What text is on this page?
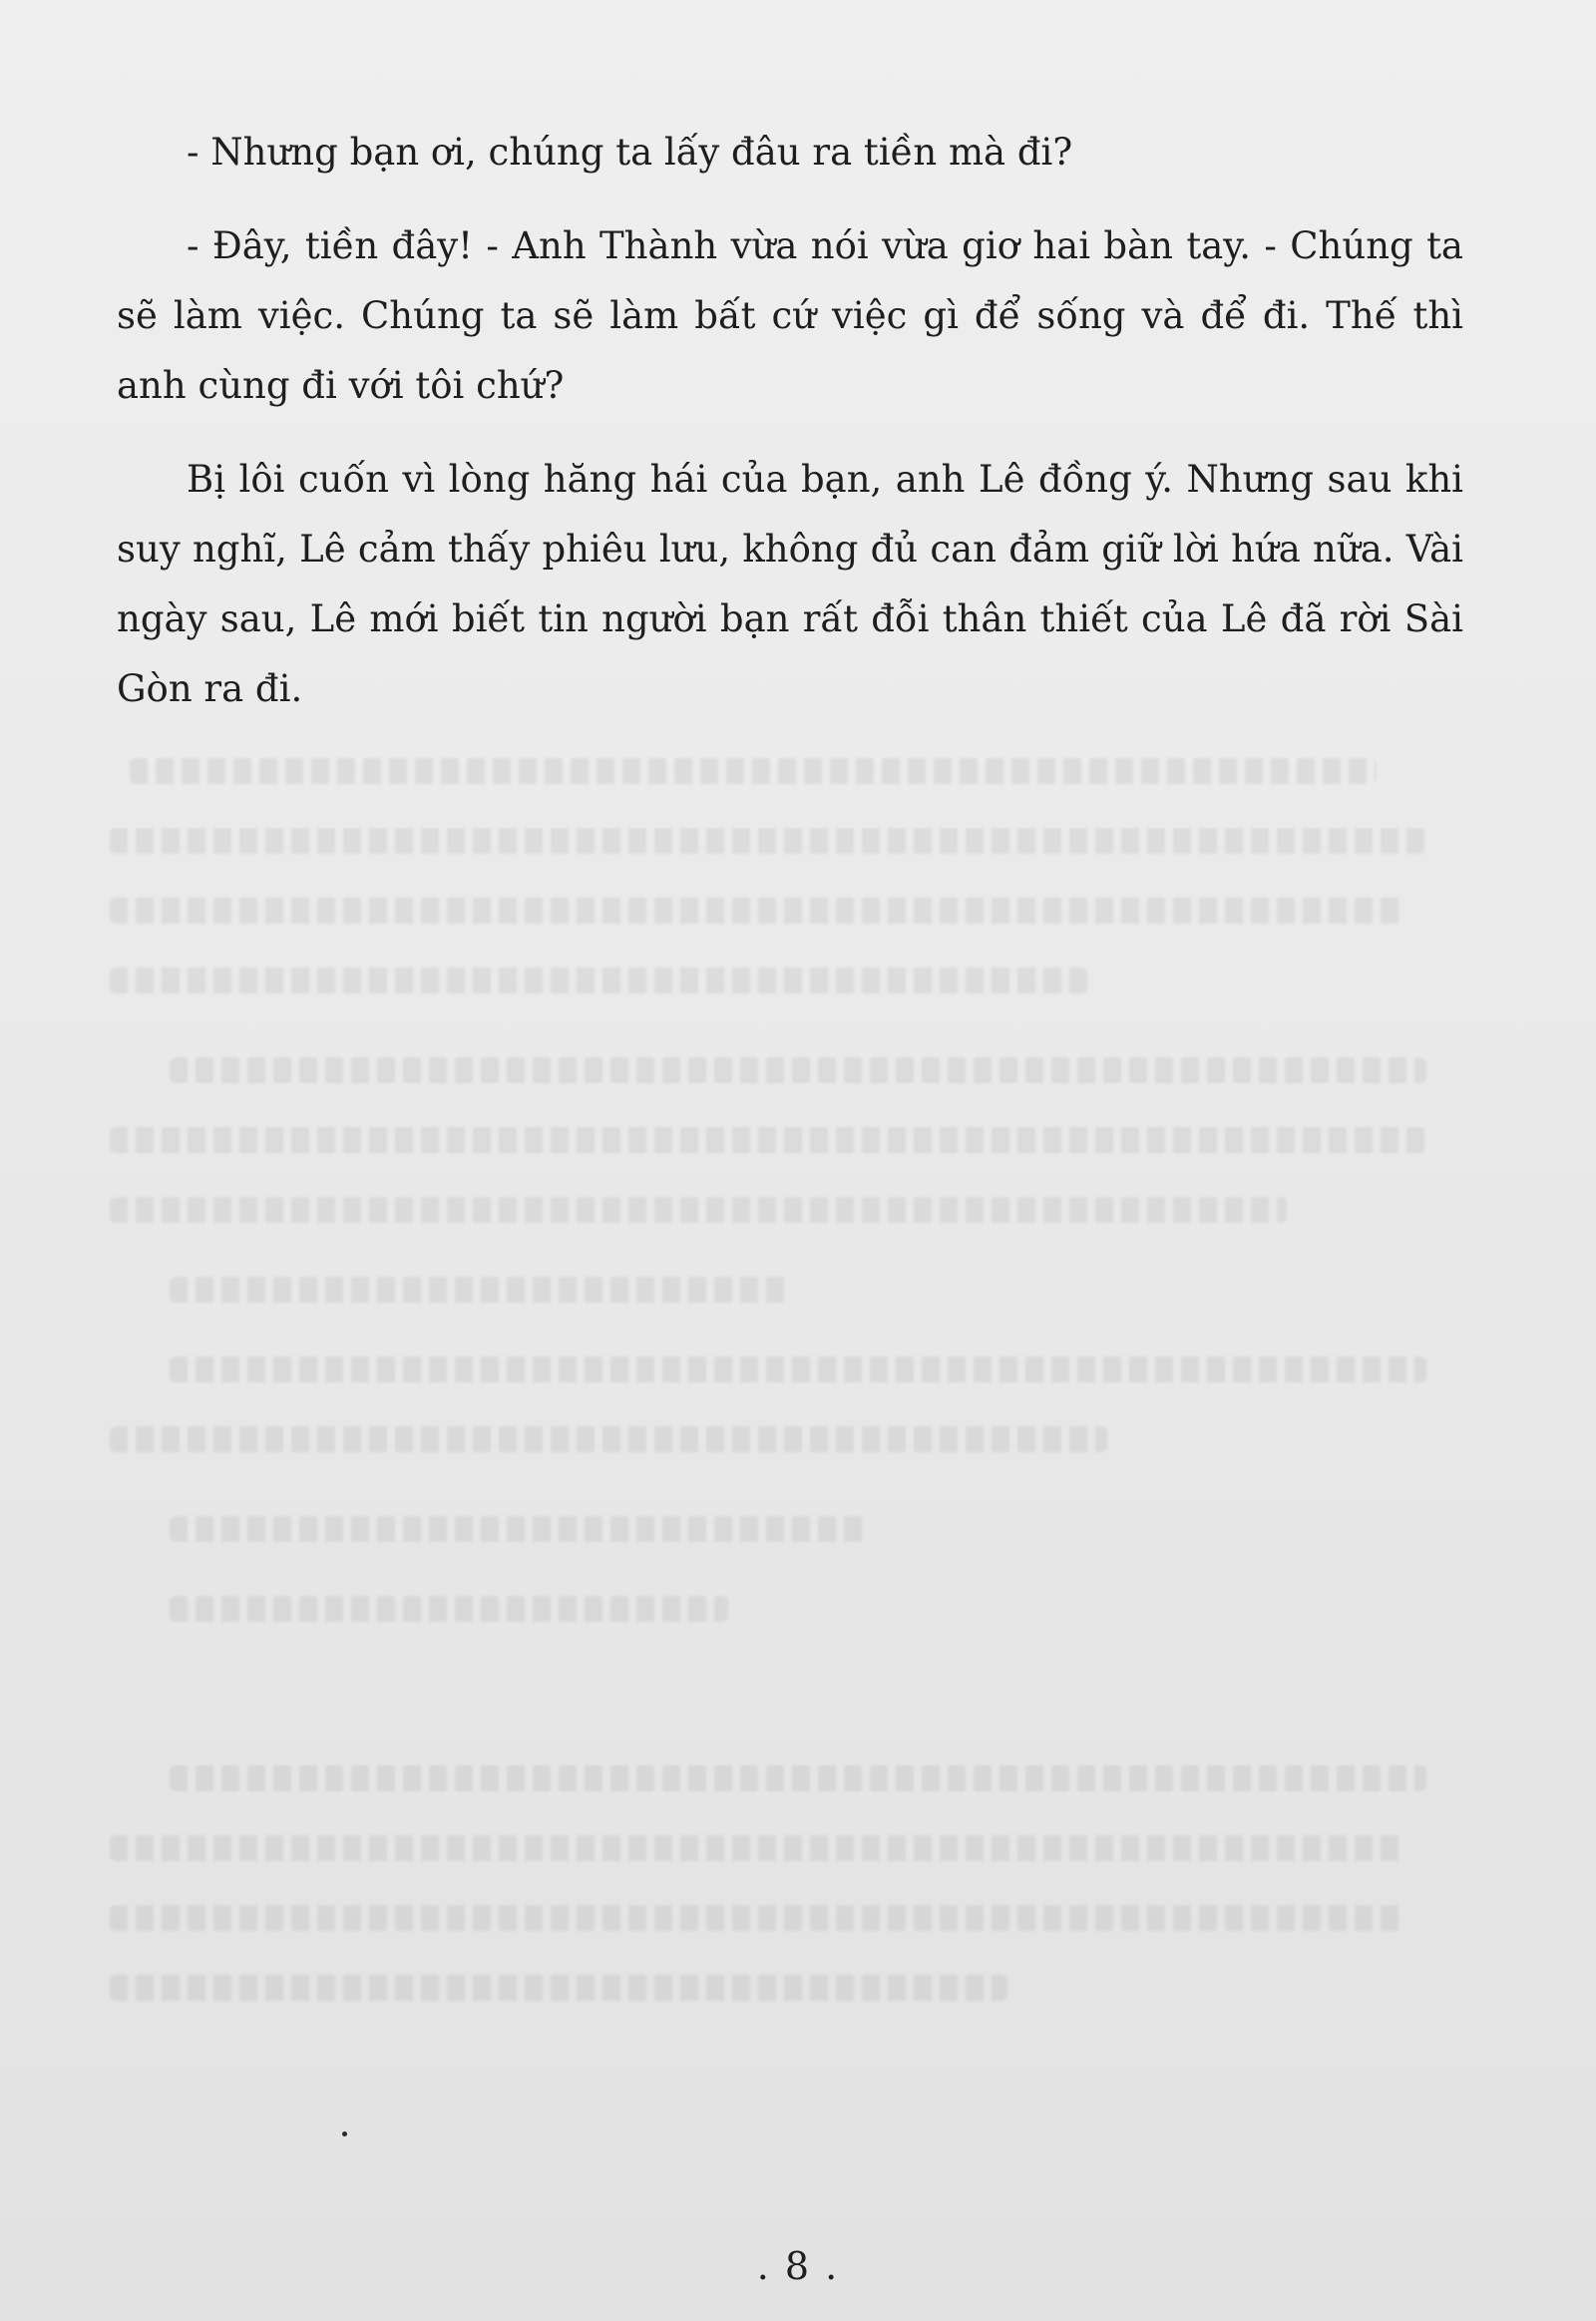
- Nhưng bạn ơi, chúng ta lấy đâu ra tiền mà đi?

- Đây, tiền đây! - Anh Thành vừa nói vừa giơ hai bàn tay. - Chúng ta sẽ làm việc. Chúng ta sẽ làm bất cứ việc gì để sống và để đi. Thế thì anh cùng đi với tôi chứ?

Bị lôi cuốn vì lòng hăng hái của bạn, anh Lê đồng ý. Nhưng sau khi suy nghĩ, Lê cảm thấy phiêu lưu, không đủ can đảm giữ lời hứa nữa. Vài ngày sau, Lê mới biết tin người bạn rất đỗi thân thiết của Lê đã rời Sài Gòn ra đi.

. 8 .
